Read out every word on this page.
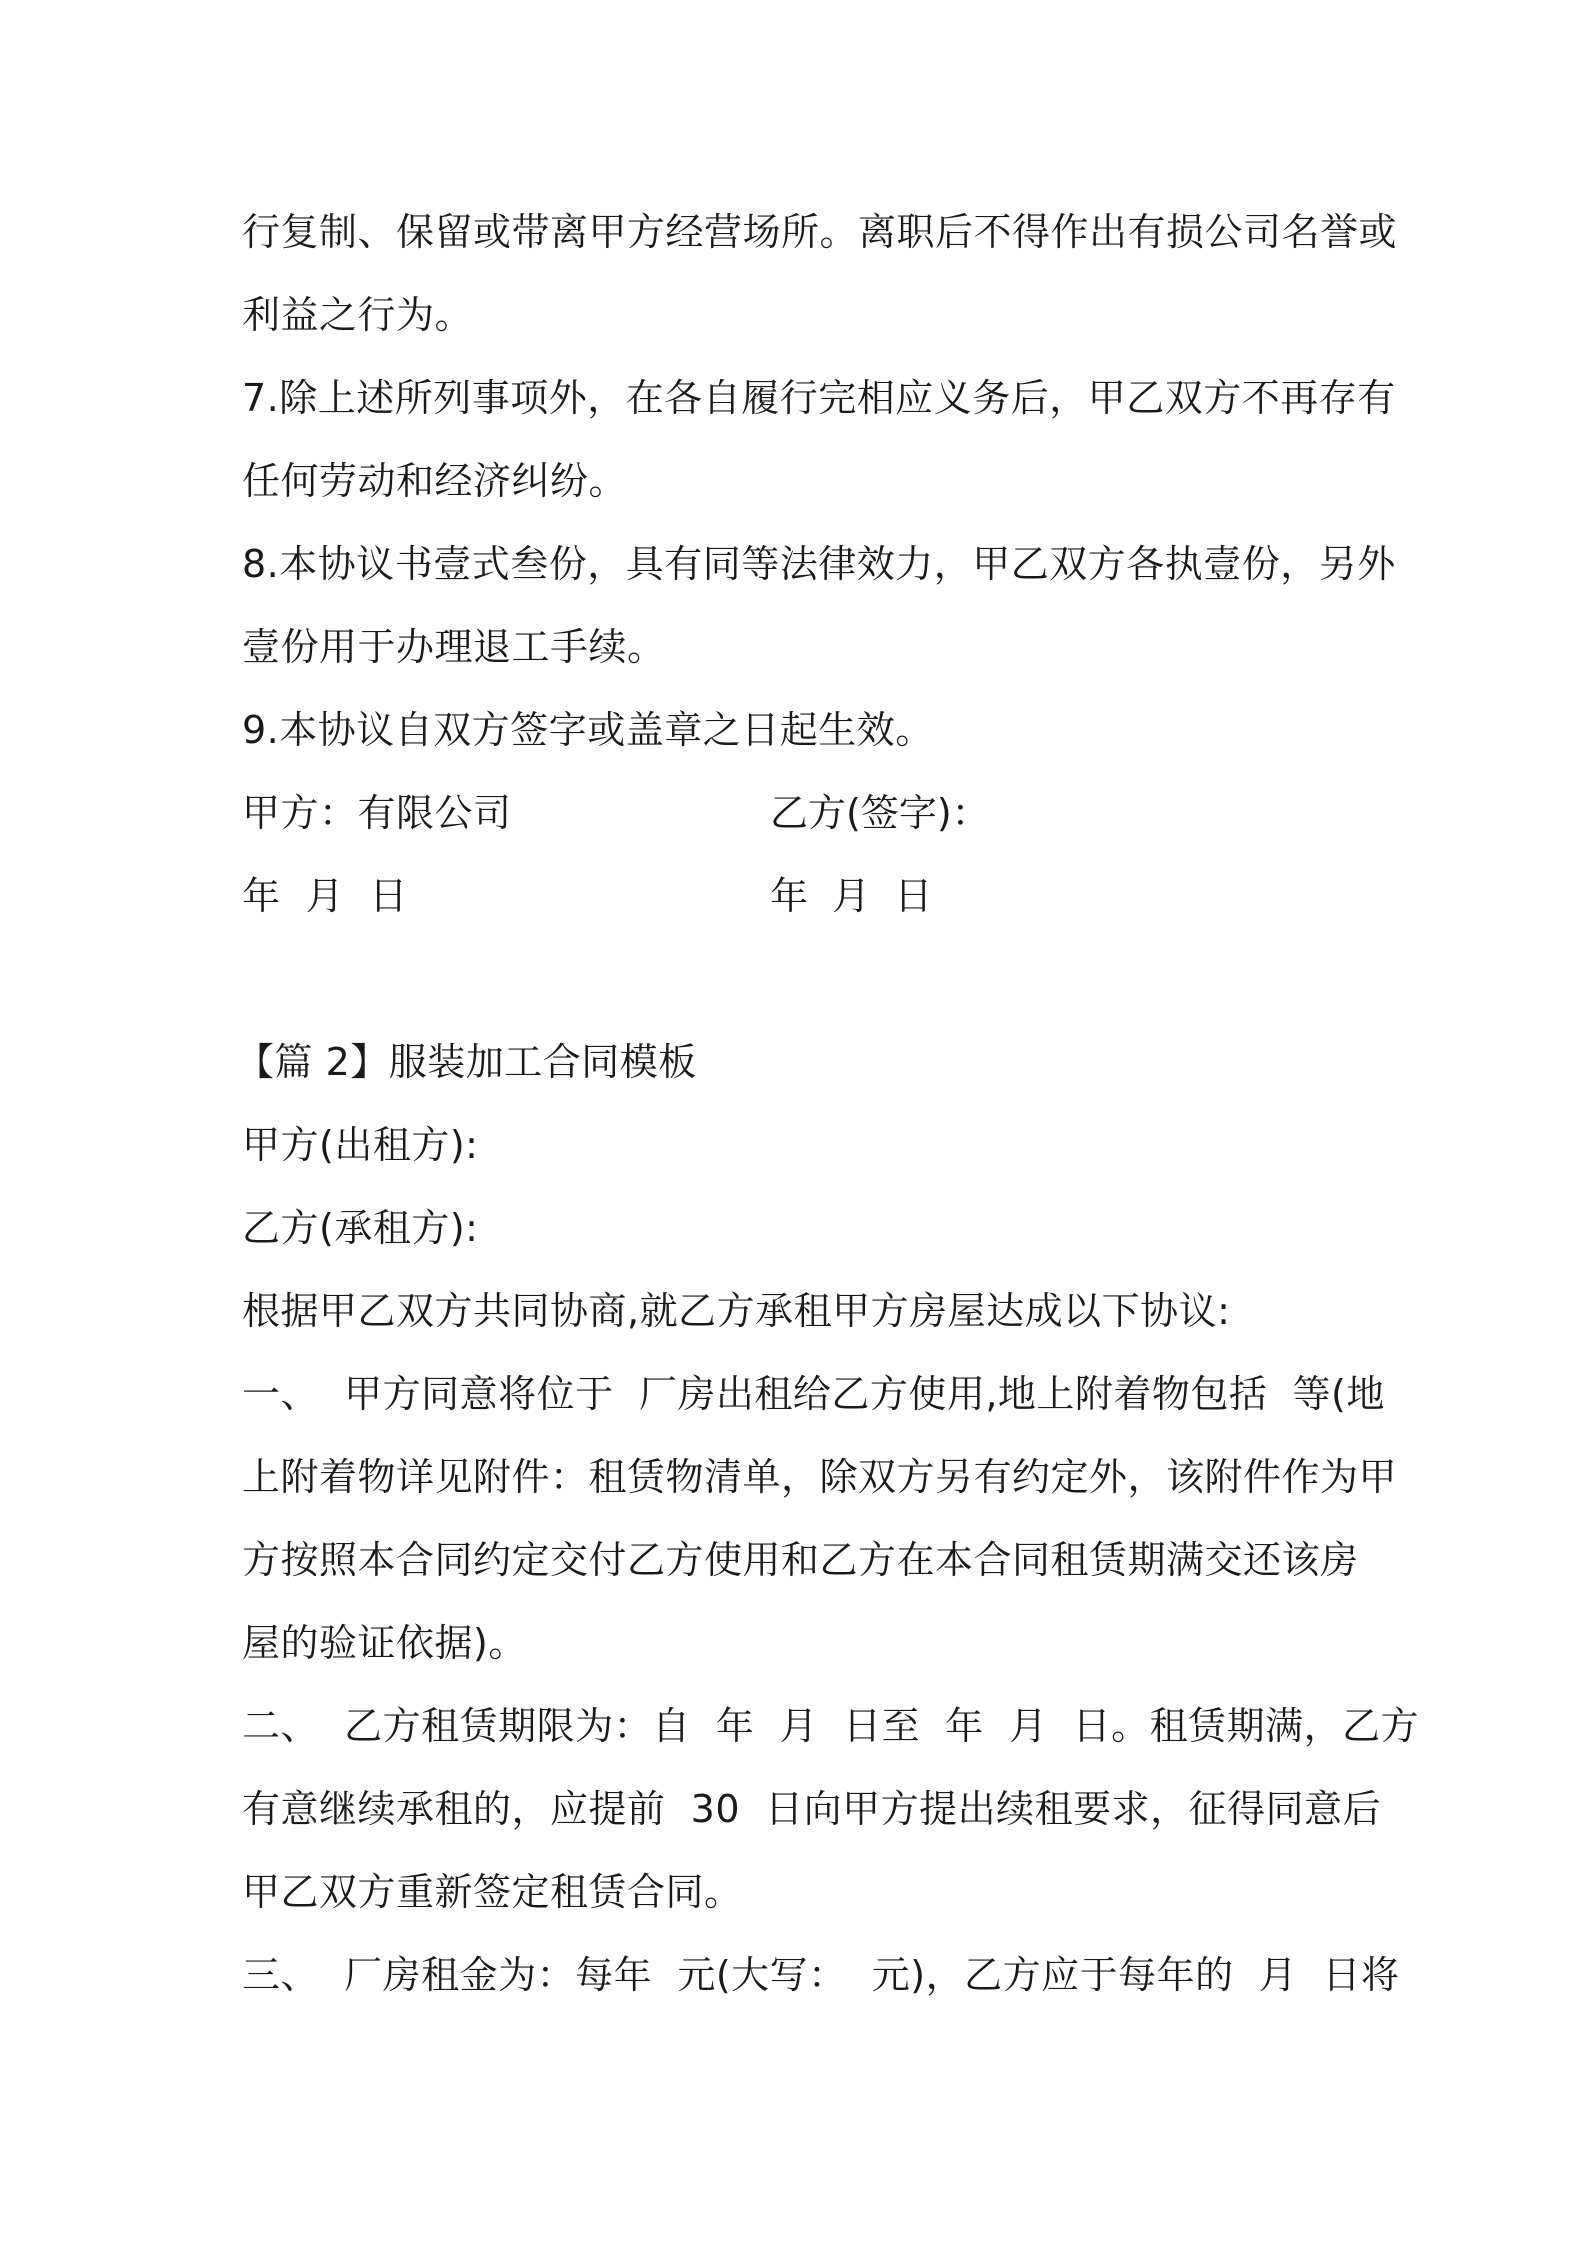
行复制、保留或带离甲方经营场所。离职后不得作出有损公司名誉或
利益之行为。
7.除上述所列事项外，在各自履行完相应义务后，甲乙双方不再存有
任何劳动和经济纠纷。
8.本协议书壹式叁份，具有同等法律效力，甲乙双方各执壹份，另外
壹份用于办理退工手续。
9.本协议自双方签字或盖章之日起生效。
甲方：有限公司	乙方(签字)：
年  月  日	年  月  日
【篇 2】服装加工合同模板
甲方(出租方):
乙方(承租方):
根据甲乙双方共同协商,就乙方承租甲方房屋达成以下协议:
一、  甲方同意将位于  厂房出租给乙方使用,地上附着物包括  等(地
上附着物详见附件：租赁物清单，除双方另有约定外，该附件作为甲
方按照本合同约定交付乙方使用和乙方在本合同租赁期满交还该房
屋的验证依据)。
二、  乙方租赁期限为：自  年  月  日至  年  月  日。租赁期满，乙方
有意继续承租的，应提前  30  日向甲方提出续租要求，征得同意后
甲乙双方重新签定租赁合同。
三、  厂房租金为：每年  元(大写：  元)，乙方应于每年的  月  日将
